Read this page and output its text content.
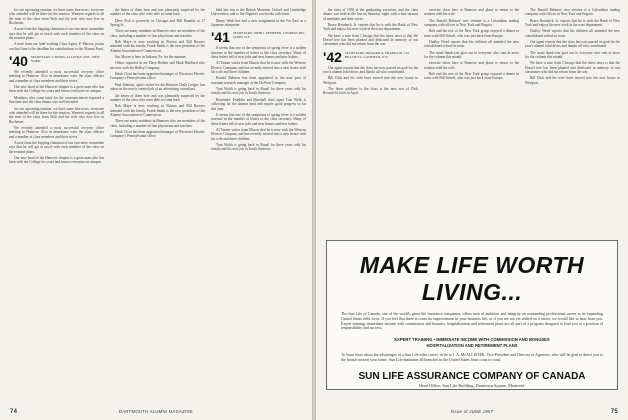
for our upcoming reunion, we have some fine news: everyone who attended will be there for the reunion. Warmest regards to all the men of the class from Walt and his wife who now live in Rochester.

A note from the Sapping chairman of our executive committee says that he will get in touch with each member of the class on the reunion plans.

A note from our fund working Class Agent, P. Marcus, points out that June is the deadline for contributions to the Alumni Fund.

'40 SECRETARY, J. MUNN, 43 LITTLE AVE., NEW YORK

We recently attended a most successful ten-year office meeting in Hanover. Also in attendance were the class officers and a number of class members and their wives.

Our new head of the Hanover chapter is a great man who has been with the College for years and knows everyone on campus.

Members who came back for the commencement reported a fine time and the class dinner was well attended.

for our upcoming reunion, we have some fine news: everyone who attended will be there for the reunion. Warmest regards to all the men of the class from Walt and his wife who now live in Rochester.

We recently attended a most successful ten-year office meeting in Hanover. Also in attendance were the class officers and a number of class members and their wives.

A note from the Sapping chairman of our executive committee says that he will get in touch with each member of the class on the reunion plans.

Our new head of the Hanover chapter is a great man who has been with the College for years and knows everyone on campus.

the better of them here and was pleasantly surprised by the number of the class who were able to come back.

Dave Fish is presently in Chicago and Bill Ranalds at 17 Spring St.

There are many residents in Hanover who are members of the class, including a number of fine physicians and teachers.

Bob Maye is now working in Boston and Bill Bowers attended with his family. Frank Smith is the new president of the Alumni Association of Connecticut.

Jim Moore is here in Indiana; Pa. for the summer.

Others reported in are Dave Belden and Mark Hubbard who are now with the Ridley Company.

Hank Clout has been appointed manager of Wicoisset Electric Company's Pennsylvania office.

Paul Johnson, optics writer for the Hanover Daily Ledger, has taken on the newly created job of an advertising consultant.

the better of them here and was pleasantly surprised by the number of the class who were able to come back.

Bob Maye is now working in Boston and Bill Bowers attended with his family. Frank Smith is the new president of the Alumni Association of Connecticut.

There are many residents in Hanover who are members of the class, including a number of fine physicians and teachers.

Hank Clout has been appointed manager of Wicoisset Electric Company's Pennsylvania office.

held last trip to the British Museum, Oxford and Cambridge Universities, and to the Nigeria's rare books collection.

Henry Wark has had a new assignment in the Far East as a Japanese interpreter.

'41 SECRETARY, JOHN J. PFEIFFER, 2 FOREST RD., CONN. N.Y.

It seems that one of the symptoms of spring fever is a sudden increase in the number of letters to the class secretary. Many of these letters tell of new jobs and new homes and new babies.

Al Tanner writes from Illinois that he is now with the Western Electric Company and has recently moved into a new house with his wife and three children.

Ranald Rehmus has been appointed to the new post of assistant research manager at the Du Pont Company.

Tom Walsh is going back to Brazil for three years with his family and his new job in South America.

Reminder: Franklin and Marshall class agent Tom Wells is collecting for the alumni fund and reports good progress so far this year.

It seems that one of the symptoms of spring fever is a sudden increase in the number of letters to the class secretary. Many of these letters tell of new jobs and new homes and new babies.

Al Tanner writes from Illinois that he is now with the Western Electric Company and has recently moved into a new house with his wife and three children.

Tom Walsh is going back to Brazil for three years with his family and his new job in South America.

the class of 1956 at the graduating exercises, and the class dinner was held at the Inn on Saturday night with a fine turnout of members and their wives.

Bruce Rorabeck, Jr. reports that he is with the Bank of New York and enjoys his new work in the trust department.

We have a note from Chicago that the latest news is that the Drexel tree has been planted and dedicated in memory of our classmates who did not return from the war.

'42 SECRETARY, HOWARD A. FRANKLIN, 161 BEACH ST., CANFIELD, N.Y.

Our agent reports that the class has now passed its goal for the year's alumni fund drive, and thanks all who contributed.

Bill Dick and his wife have moved into the new house in Westport.

The latest addition to the class is the new son of Dick Rosenfeld, born in April.

exercise show here at Hanover and plans to return to the reunion with his wife.

The Ranald Rehmus' new venture is a Colombian trading company with offices in New York and Bogota.

Bob and the rest of the New York group enjoyed a dinner in town with Bill Scheel, who was just back from Europe.

Dudley Weed reports that his children all attended the new consolidated school in town.

The usual thank-you goes out to everyone who sent in news for the column this month.

exercise show here at Hanover and plans to return to the reunion with his wife.

Bob and the rest of the New York group enjoyed a dinner in town with Bill Scheel, who was just back from Europe.

The Ranald Rehmus' new venture is a Colombian trading company with offices in New York and Bogota.

Bruce Rorabeck, Jr. reports that he is with the Bank of New York and enjoys his new work in the trust department.

Dudley Weed reports that his children all attended the new consolidated school in town.

Our agent reports that the class has now passed its goal for the year's alumni fund drive, and thanks all who contributed.

The usual thank-you goes out to everyone who sent in news for the column this month.

We have a note from Chicago that the latest news is that the Drexel tree has been planted and dedicated in memory of our classmates who did not return from the war.

Bill Dick and his wife have moved into the new house in Westport.

MAKE LIFE WORTH LIVING...

The Sun Life of Canada, one of the world's great life insurance companies, offers men of ambition and integrity an outstanding professional career in its expanding United States field force. If you feel that there is room for improvement in your business life, or if you are not yet settled on a career, we would like to hear from you. Expert training, immediate income with commission and bonuses, hospitalization and retirement plans are all part of a program designed to lead you to a position of responsibility and success.

EXPERT TRAINING • IMMEDIATE INCOME WITH COMMISSION AND BONUSES
HOSPITALIZATION AND RETIREMENT PLANS

To learn more about the advantages of a Sun Life sales career, write to J. A. McALLISTER, Vice-President and Director of Agencies, who will be glad to direct you to the branch nearest your home. Sun Life maintains 46 branches in the United States from coast to coast.

SUN LIFE ASSURANCE COMPANY OF CANADA
Head Office: Sun Life Building, Dominion Square, Montreal.
74	DARTMOUTH ALUMNI MAGAZINE	Issue of JUNE 1957	75
